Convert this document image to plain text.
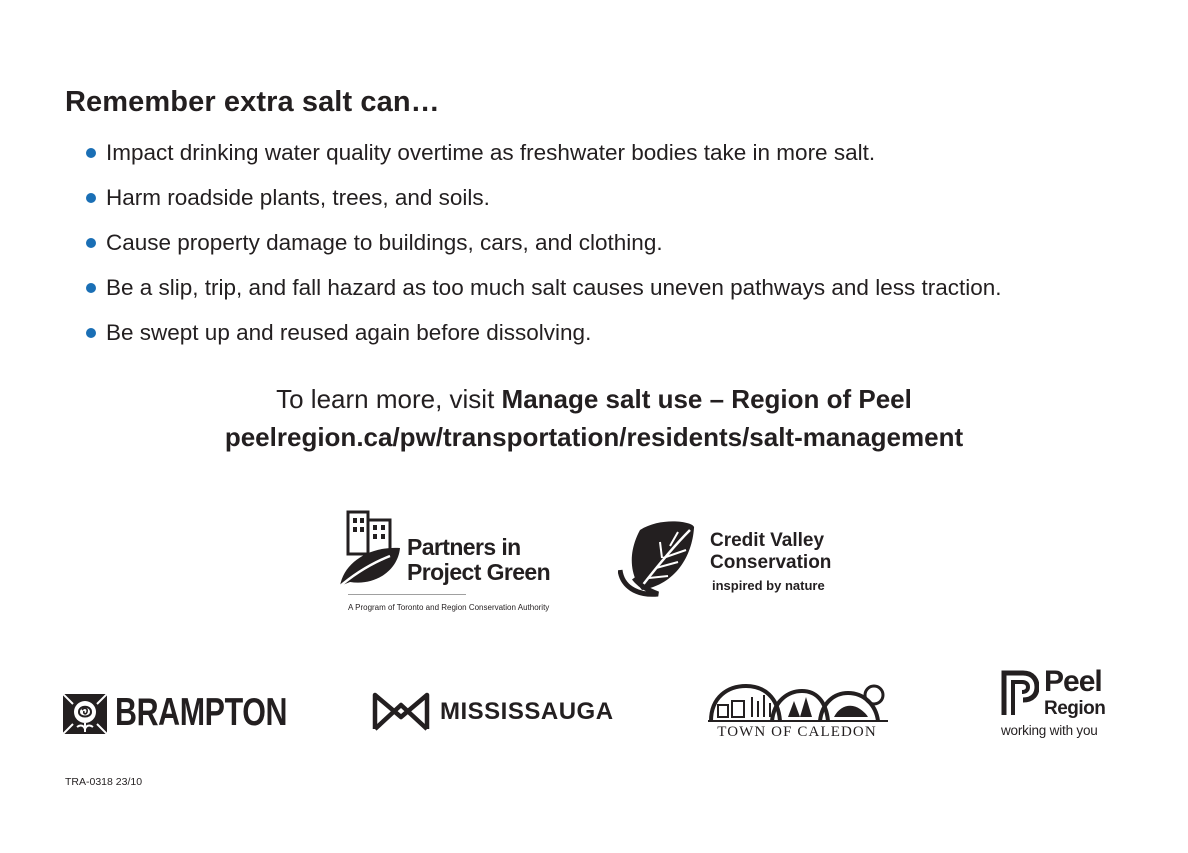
Remember extra salt can…
Impact drinking water quality overtime as freshwater bodies take in more salt.
Harm roadside plants, trees, and soils.
Cause property damage to buildings, cars, and clothing.
Be a slip, trip, and fall hazard as too much salt causes uneven pathways and less traction.
Be swept up and reused again before dissolving.
To learn more, visit Manage salt use – Region of Peel
peelregion.ca/pw/transportation/residents/salt-management
Partners in
Project Green
A Program of Toronto and Region Conservation Authority
Credit Valley
Conservation
inspired by nature
BRAMPTON	MISSISSAUGA
TOWN OF CALEDON
Peel
Region
working with you
TRA-0318 23/10
